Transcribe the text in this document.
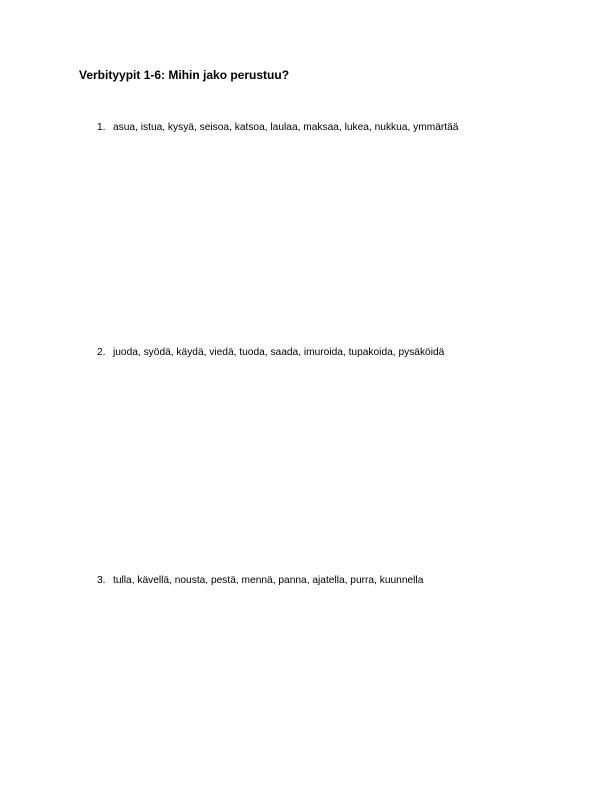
Verbityypit 1-6: Mihin jako perustuu?
1. asua, istua, kysyä, seisoa, katsoa, laulaa, maksaa, lukea, nukkua, ymmärtää
2. juoda, syödä, käydä, viedä, tuoda, saada, imuroida, tupakoida, pysäköidä
3. tulla, kävellä, nousta, pestä, mennä, panna, ajatella, purra, kuunnella
